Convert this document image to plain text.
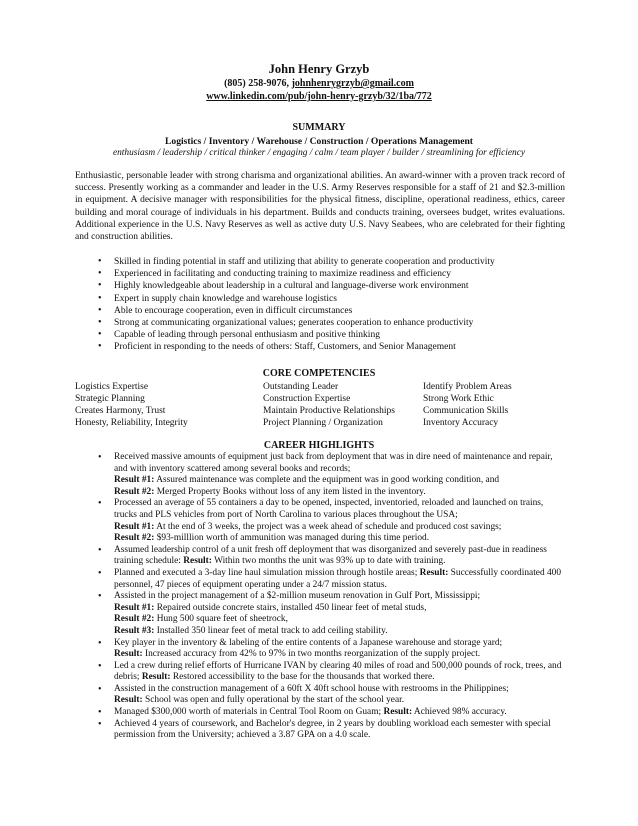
John Henry Grzyb
(805) 258-9076, johnhenrygrzyb@gmail.com
www.linkedin.com/pub/john-henry-grzyb/32/1ba/772
SUMMARY
Logistics / Inventory / Warehouse / Construction / Operations Management
enthusiasm / leadership / critical thinker / engaging / calm / team player / builder / streamlining for efficiency
Enthusiastic, personable leader with strong charisma and organizational abilities. An award-winner with a proven track record of success. Presently working as a commander and leader in the U.S. Army Reserves responsible for a staff of 21 and $2.3-million in equipment. A decisive manager with responsibilities for the physical fitness, discipline, operational readiness, ethics, career building and moral courage of individuals in his department. Builds and conducts training, oversees budget, writes evaluations. Additional experience in the U.S. Navy Reserves as well as active duty U.S. Navy Seabees, who are celebrated for their fighting and construction abilities.
• Skilled in finding potential in staff and utilizing that ability to generate cooperation and productivity
• Experienced in facilitating and conducting training to maximize readiness and efficiency
• Highly knowledgeable about leadership in a cultural and language-diverse work environment
• Expert in supply chain knowledge and warehouse logistics
• Able to encourage cooperation, even in difficult circumstances
• Strong at communicating organizational values; generates cooperation to enhance productivity
• Capable of leading through personal enthusiasm and positive thinking
• Proficient in responding to the needs of others: Staff, Customers, and Senior Management
CORE COMPETENCIES
Logistics Expertise
Strategic Planning
Creates Harmony, Trust
Honesty, Reliability, Integrity
Outstanding Leader
Construction Expertise
Maintain Productive Relationships
Project Planning / Organization
Identify Problem Areas
Strong Work Ethic
Communication Skills
Inventory Accuracy
CAREER HIGHLIGHTS
• Received massive amounts of equipment just back from deployment that was in dire need of maintenance and repair, and with inventory scattered among several books and records;
Result #1: Assured maintenance was complete and the equipment was in good working condition, and
Result #2: Merged Property Books without loss of any item listed in the inventory.
• Processed an average of 55 containers a day to be opened, inspected, inventoried, reloaded and launched on trains, trucks and PLS vehicles from port of North Carolina to various places throughout the USA;
Result #1: At the end of 3 weeks, the project was a week ahead of schedule and produced cost savings;
Result #2: $93-milllion worth of ammunition was managed during this time period.
• Assumed leadership control of a unit fresh off deployment that was disorganized and severely past-due in readiness training schedule: Result: Within two months the unit was 93% up to date with training.
• Planned and executed a 3-day line haul simulation mission through hostile areas; Result: Successfully coordinated 400 personnel, 47 pieces of equipment operating under a 24/7 mission status.
• Assisted in the project management of a $2-million museum renovation in Gulf Port, Mississippi;
Result #1: Repaired outside concrete stairs, installed 450 linear feet of metal studs,
Result #2: Hung 500 square feet of sheetrock,
Result #3: Installed 350 linear feet of metal track to add ceiling stability.
• Key player in the inventory & labeling of the entire contents of a Japanese warehouse and storage yard;
Result: Increased accuracy from 42% to 97% in two months reorganization of the supply project.
• Led a crew during relief efforts of Hurricane IVAN by clearing 40 miles of road and 500,000 pounds of rock, trees, and debris; Result: Restored accessibility to the base for the thousands that worked there.
• Assisted in the construction management of a 60ft X 40ft school house with restrooms in the Philippines;
Result: School was open and fully operational by the start of the school year.
• Managed $300,000 worth of materials in Central Tool Room on Guam; Result: Achieved 98% accuracy.
• Achieved 4 years of coursework, and Bachelor's degree, in 2 years by doubling workload each semester with special permission from the University; achieved a 3.87 GPA on a 4.0 scale.
